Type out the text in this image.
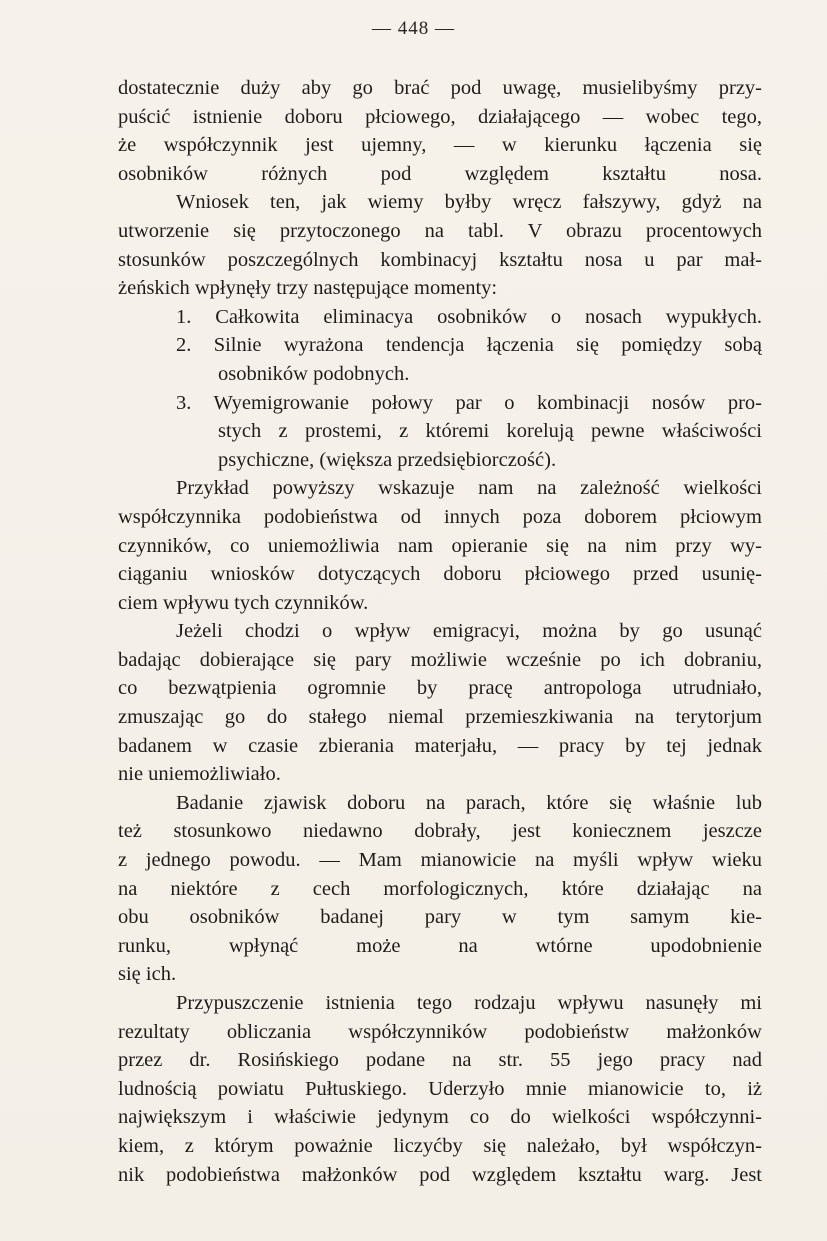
— 448 —
dostatecznie duży aby go brać pod uwagę, musielibyśmy przy-
puścić istnienie doboru płciowego, działającego — wobec tego,
że współczynnik jest ujemny, — w kierunku łączenia się
osobników różnych pod względem kształtu nosa.
Wniosek ten, jak wiemy byłby wręcz fałszywy, gdyż na
utworzenie się przytoczonego na tabl. V obrazu procentowych
stosunków poszczególnych kombinacyj kształtu nosa u par mał-
żeńskich wpłynęły trzy następujące momenty:
1. Całkowita eliminacya osobników o nosach wypukłych.
2. Silnie wyrażona tendencja łączenia się pomiędzy sobą
osobników podobnych.
3. Wyemigrowanie połowy par o kombinacji nosów pro-
stych z prostemi, z któremi korelują pewne właściwości
psychiczne, (większa przedsiębiorczość).
Przykład powyższy wskazuje nam na zależność wielkości
współczynnika podobieństwa od innych poza doborem płciowym
czynników, co uniemożliwia nam opieranie się na nim przy wy-
ciąganiu wniosków dotyczących doboru płciowego przed usunię-
ciem wpływu tych czynników.
Jeżeli chodzi o wpływ emigracyi, można by go usunąć
badając dobierające się pary możliwie wcześnie po ich dobraniu,
co bezwątpienia ogromnie by pracę antropologa utrudniało,
zmuszając go do stałego niemal przemieszkiwania na terytorjum
badanem w czasie zbierania materjału, — pracy by tej jednak
nie uniemożliwiało.
Badanie zjawisk doboru na parach, które się właśnie lub
też stosunkowo niedawno dobrały, jest koniecznem jeszcze
z jednego powodu. — Mam mianowicie na myśli wpływ wieku
na niektóre z cech morfologicznych, które działając na
obu osobników badanej pary w tym samym kie-
runku, wpłynąć może na wtórne upodobnienie
się ich.
Przypuszczenie istnienia tego rodzaju wpływu nasunęły mi
rezultaty obliczania współczynników podobieństw małżonków
przez dr. Rosińskiego podane na str. 55 jego pracy nad
ludnością powiatu Pułtuskiego. Uderzyło mnie mianowicie to, iż
największym i właściwie jedynym co do wielkości współczynni-
kiem, z którym poważnie liczyćby się należało, był współczyn-
nik podobieństwa małżonków pod względem kształtu warg. Jest
